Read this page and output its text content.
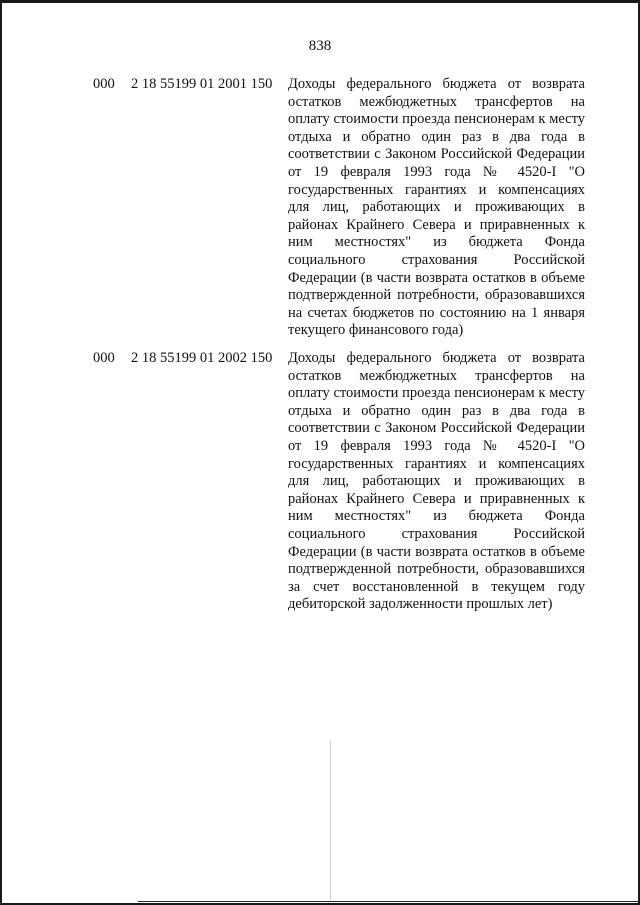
838
000 2 18 55199 01 2001 150 Доходы федерального бюджета от возврата остатков межбюджетных трансфертов на оплату стоимости проезда пенсионерам к месту отдыха и обратно один раз в два года в соответствии с Законом Российской Федерации от 19 февраля 1993 года № 4520-I "О государственных гарантиях и компенсациях для лиц, работающих и проживающих в районах Крайнего Севера и приравненных к ним местностях" из бюджета Фонда социального страхования Российской Федерации (в части возврата остатков в объеме подтвержденной потребности, образовавшихся на счетах бюджетов по состоянию на 1 января текущего финансового года)
000 2 18 55199 01 2002 150 Доходы федерального бюджета от возврата остатков межбюджетных трансфертов на оплату стоимости проезда пенсионерам к месту отдыха и обратно один раз в два года в соответствии с Законом Российской Федерации от 19 февраля 1993 года № 4520-I "О государственных гарантиях и компенсациях для лиц, работающих и проживающих в районах Крайнего Севера и приравненных к ним местностях" из бюджета Фонда социального страхования Российской Федерации (в части возврата остатков в объеме подтвержденной потребности, образовавшихся за счет восстановленной в текущем году дебиторской задолженности прошлых лет)
